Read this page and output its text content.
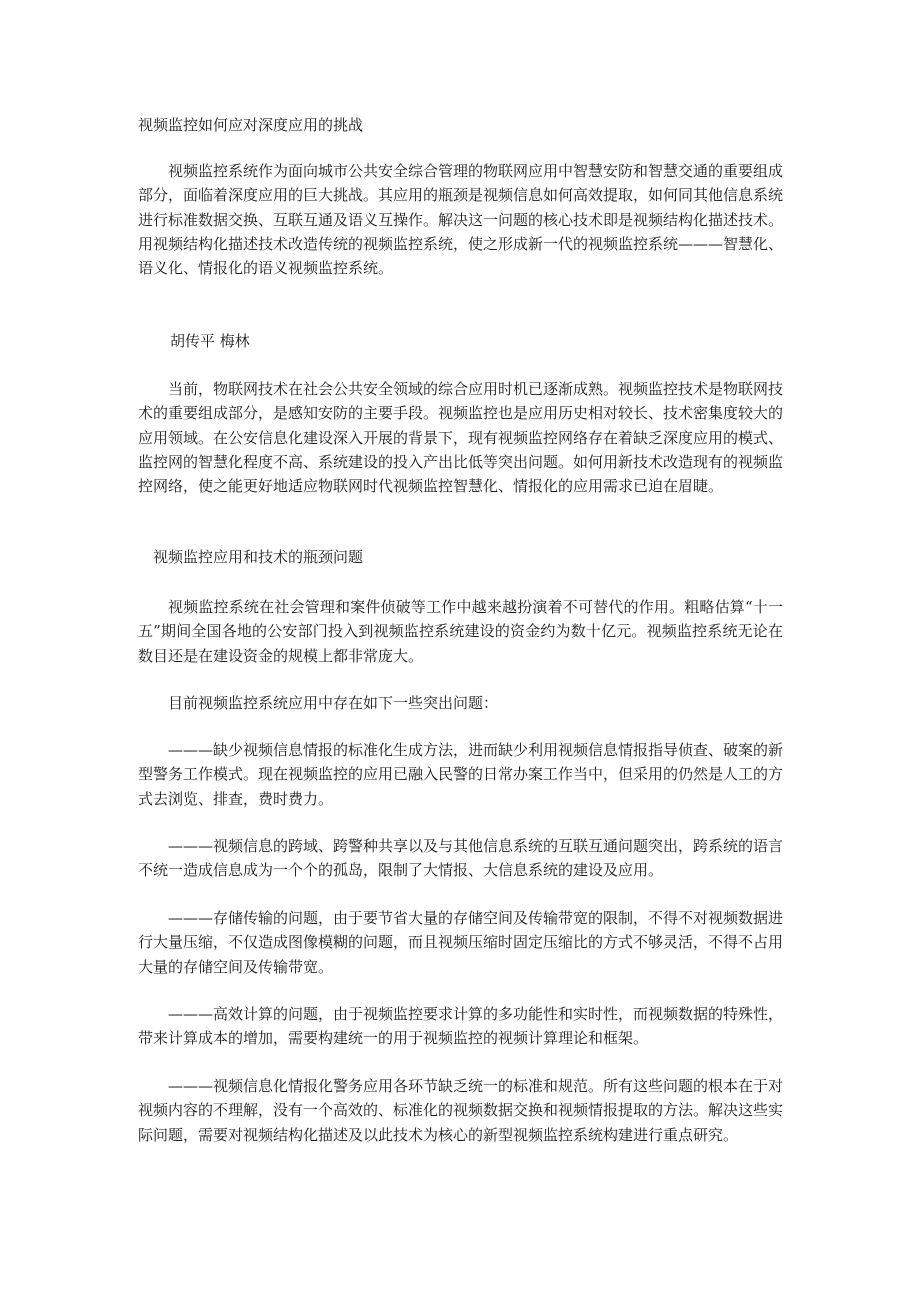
视频监控如何应对深度应用的挑战

视频监控系统作为面向城市公共安全综合管理的物联网应用中智慧安防和智慧交通的重要组成部分，面临着深度应用的巨大挑战。其应用的瓶颈是视频信息如何高效提取，如何同其他信息系统进行标准数据交换、互联互通及语义互操作。解决这一问题的核心技术即是视频结构化描述技术。用视频结构化描述技术改造传统的视频监控系统，使之形成新一代的视频监控系统———智慧化、语义化、情报化的语义视频监控系统。

胡传平 梅林

当前，物联网技术在社会公共安全领域的综合应用时机已逐渐成熟。视频监控技术是物联网技术的重要组成部分，是感知安防的主要手段。视频监控也是应用历史相对较长、技术密集度较大的应用领域。在公安信息化建设深入开展的背景下，现有视频监控网络存在着缺乏深度应用的模式、监控网的智慧化程度不高、系统建设的投入产出比低等突出问题。如何用新技术改造现有的视频监控网络，使之能更好地适应物联网时代视频监控智慧化、情报化的应用需求已迫在眉睫。

视频监控应用和技术的瓶颈问题

视频监控系统在社会管理和案件侦破等工作中越来越扮演着不可替代的作用。粗略估算“十一五”期间全国各地的公安部门投入到视频监控系统建设的资金约为数十亿元。视频监控系统无论在数目还是在建设资金的规模上都非常庞大。

目前视频监控系统应用中存在如下一些突出问题：

———缺少视频信息情报的标准化生成方法，进而缺少利用视频信息情报指导侦查、破案的新型警务工作模式。现在视频监控的应用已融入民警的日常办案工作当中，但采用的仍然是人工的方式去浏览、排查，费时费力。

———视频信息的跨域、跨警种共享以及与其他信息系统的互联互通问题突出，跨系统的语言不统一造成信息成为一个个的孤岛，限制了大情报、大信息系统的建设及应用。

———存储传输的问题，由于要节省大量的存储空间及传输带宽的限制，不得不对视频数据进行大量压缩，不仅造成图像模糊的问题，而且视频压缩时固定压缩比的方式不够灵活，不得不占用大量的存储空间及传输带宽。

———高效计算的问题，由于视频监控要求计算的多功能性和实时性，而视频数据的特殊性，带来计算成本的增加，需要构建统一的用于视频监控的视频计算理论和框架。

———视频信息化情报化警务应用各环节缺乏统一的标准和规范。所有这些问题的根本在于对视频内容的不理解，没有一个高效的、标准化的视频数据交换和视频情报提取的方法。解决这些实际问题，需要对视频结构化描述及以此技术为核心的新型视频监控系统构建进行重点研究。
